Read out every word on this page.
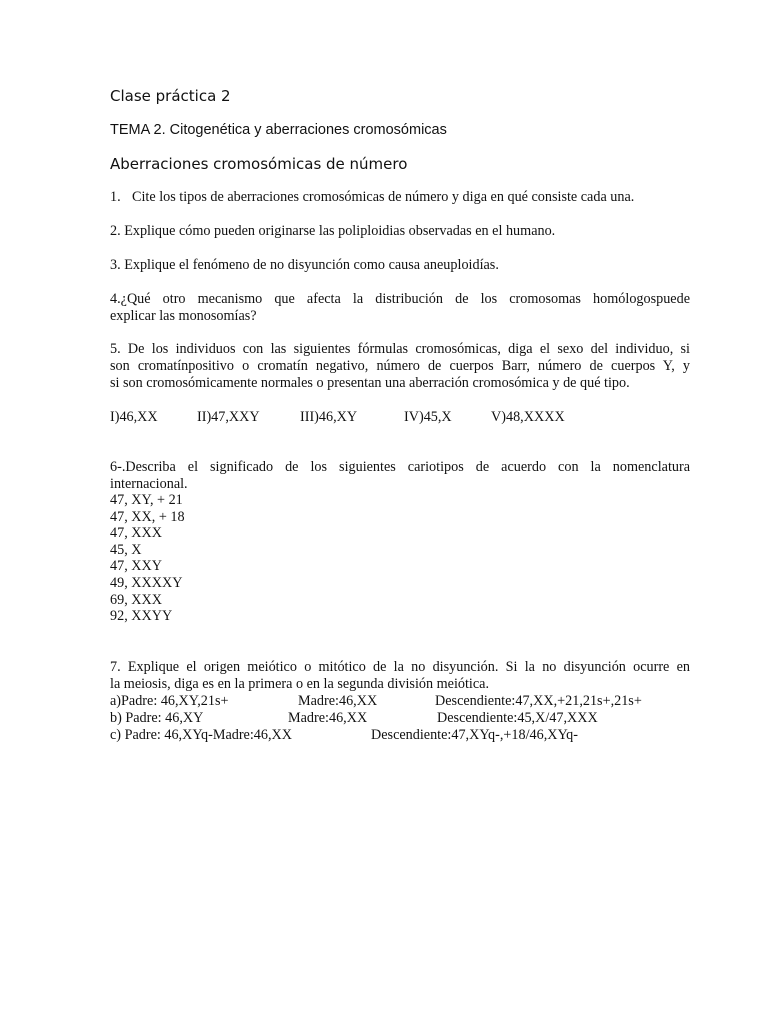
Clase práctica 2
TEMA 2. Citogenética y aberraciones cromosómicas
Aberraciones cromosómicas de número
1. Cite los tipos de aberraciones cromosómicas de número y diga en qué consiste cada una.
2. Explique cómo pueden originarse las poliploidias observadas en el humano.
3. Explique el fenómeno de no disyunción como causa aneuploidías.
4.¿Qué otro mecanismo que afecta la distribución de los cromosomas homólogospuede
explicar las monosomías?
5. De los individuos con las siguientes fórmulas cromosómicas, diga el sexo del individuo, si
son cromatínpositivo o cromatín negativo, número de cuerpos Barr, número de cuerpos Y, y
si son cromosómicamente normales o presentan una aberración cromosómica y de qué tipo.
I)46,XX	II)47,XXY	III)46,XY	IV)45,X	V)48,XXXX
6-.Describa el significado de los siguientes cariotipos de acuerdo con la nomenclatura
internacional.
47, XY, + 21
47, XX, + 18
47, XXX
45, X
47, XXY
49, XXXXY
69, XXX
92, XXYY
7. Explique el origen meiótico o mitótico de la no disyunción. Si la no disyunción ocurre en
la meiosis, diga es en la primera o en la segunda división meiótica.
a)Padre: 46,XY,21s+	Madre:46,XX	Descendiente:47,XX,+21,21s+,21s+
b) Padre: 46,XY	Madre:46,XX	Descendiente:45,X/47,XXX
c) Padre: 46,XYq-Madre:46,XX	Descendiente:47,XYq-,+18/46,XYq-
